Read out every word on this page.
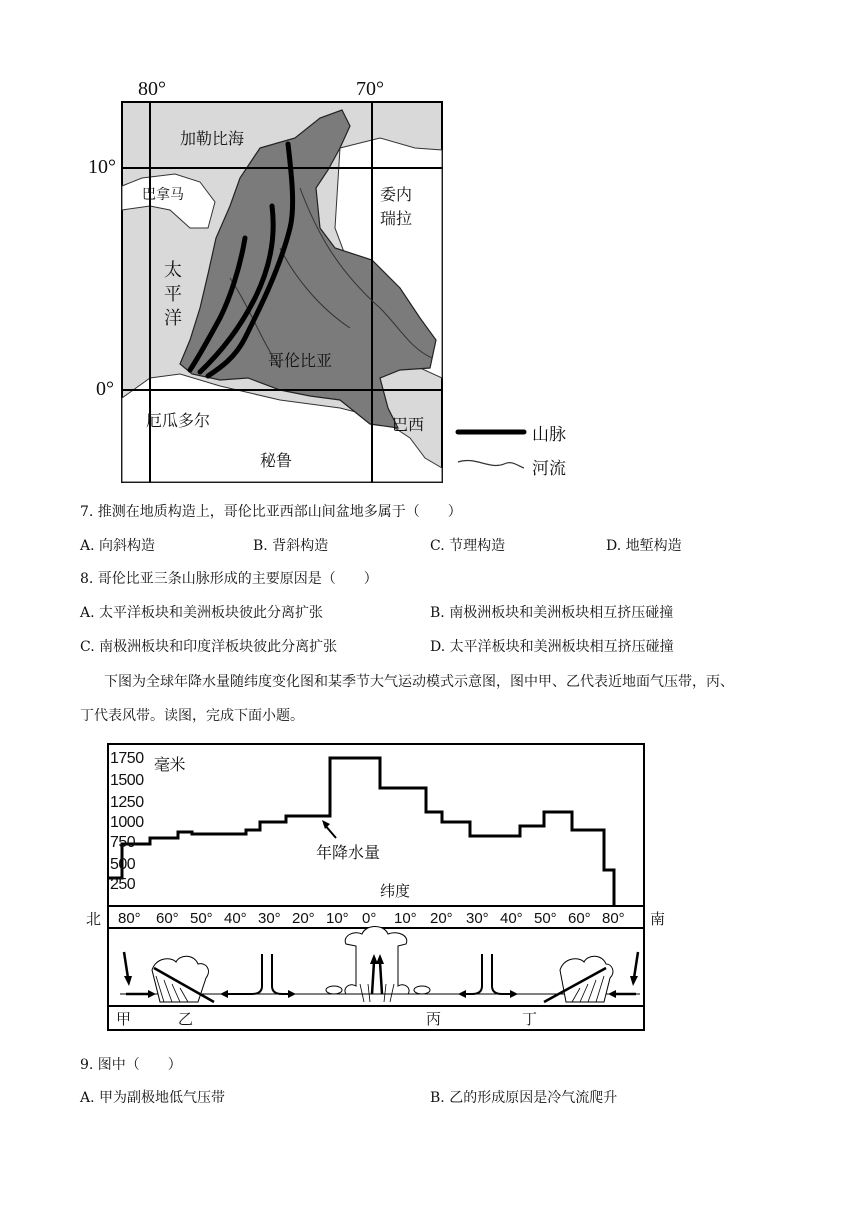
80°	70°
10°
0°
加勒比海
巴拿马	委内
瑞拉
太
平
洋
哥伦比亚
厄瓜多尔
秘鲁
巴西
山脉
河流
7. 推测在地质构造上，哥伦比亚西部山间盆地多属于（　　）
A. 向斜构造	B. 背斜构造	C. 节理构造	D. 地堑构造
8. 哥伦比亚三条山脉形成的主要原因是（　　）
A. 太平洋板块和美洲板块彼此分离扩张	B. 南极洲板块和美洲板块相互挤压碰撞
C. 南极洲板块和印度洋板块彼此分离扩张	D. 太平洋板块和美洲板块相互挤压碰撞
下图为全球年降水量随纬度变化图和某季节大气运动模式示意图，图中甲、乙代表近地面气压带，丙、
丁代表风带。读图，完成下面小题。
毫米
1750
1500
1250
1000
750
500
250
年降水量
纬度
北	南
80° 60° 50° 40° 30° 20° 10° 0° 10° 20° 30° 40° 50° 60° 80°
甲	乙	丙	丁
9. 图中（　　）
A. 甲为副极地低气压带	B. 乙的形成原因是冷气流爬升
